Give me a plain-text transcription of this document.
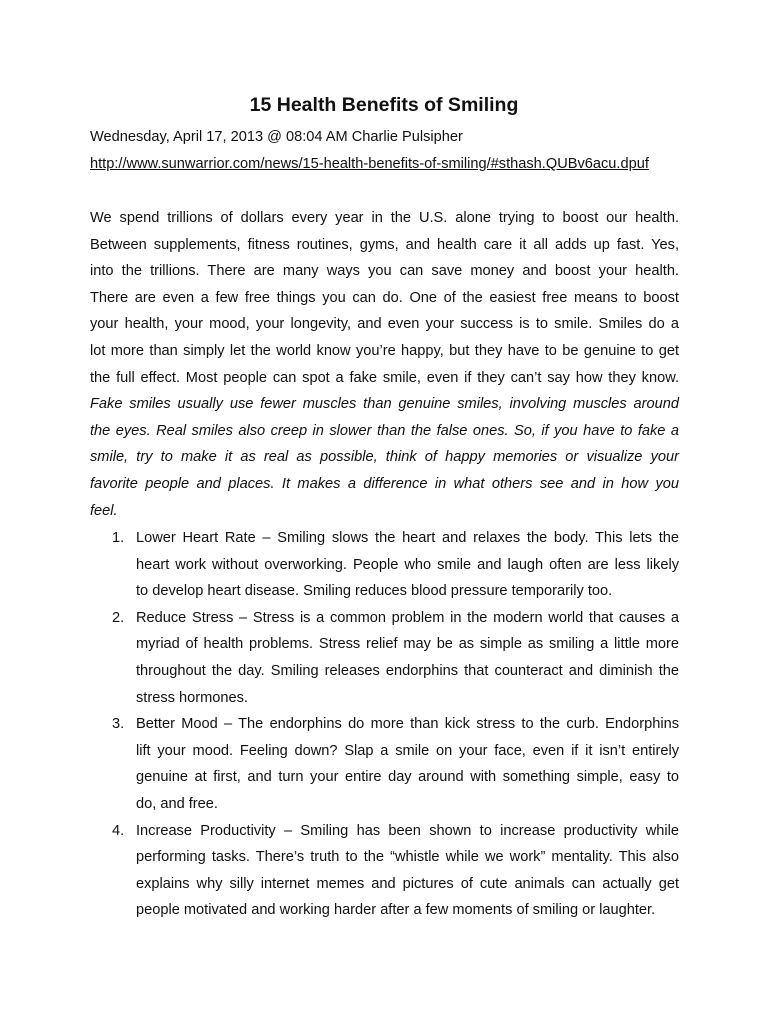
15 Health Benefits of Smiling
Wednesday, April 17, 2013 @ 08:04 AM Charlie Pulsipher
http://www.sunwarrior.com/news/15-health-benefits-of-smiling/#sthash.QUBv6acu.dpuf
We spend trillions of dollars every year in the U.S. alone trying to boost our health.
Between supplements, fitness routines, gyms, and health care it all adds up fast. Yes,
into the trillions. There are many ways you can save money and boost your health.
There are even a few free things you can do. One of the easiest free means to boost
your health, your mood, your longevity, and even your success is to smile. Smiles do a
lot more than simply let the world know you’re happy, but they have to be genuine to get
the full effect. Most people can spot a fake smile, even if they can’t say how they know.
Fake smiles usually use fewer muscles than genuine smiles, involving muscles around
the eyes. Real smiles also creep in slower than the false ones. So, if you have to fake a
smile, try to make it as real as possible, think of happy memories or visualize your
favorite people and places. It makes a difference in what others see and in how you
feel.
1. Lower Heart Rate – Smiling slows the heart and relaxes the body. This lets the
heart work without overworking. People who smile and laugh often are less likely
to develop heart disease. Smiling reduces blood pressure temporarily too.
2. Reduce Stress – Stress is a common problem in the modern world that causes a
myriad of health problems. Stress relief may be as simple as smiling a little more
throughout the day. Smiling releases endorphins that counteract and diminish the
stress hormones.
3. Better Mood – The endorphins do more than kick stress to the curb. Endorphins
lift your mood. Feeling down? Slap a smile on your face, even if it isn’t entirely
genuine at first, and turn your entire day around with something simple, easy to
do, and free.
4. Increase Productivity – Smiling has been shown to increase productivity while
performing tasks. There’s truth to the “whistle while we work” mentality. This also
explains why silly internet memes and pictures of cute animals can actually get
people motivated and working harder after a few moments of smiling or laughter.
